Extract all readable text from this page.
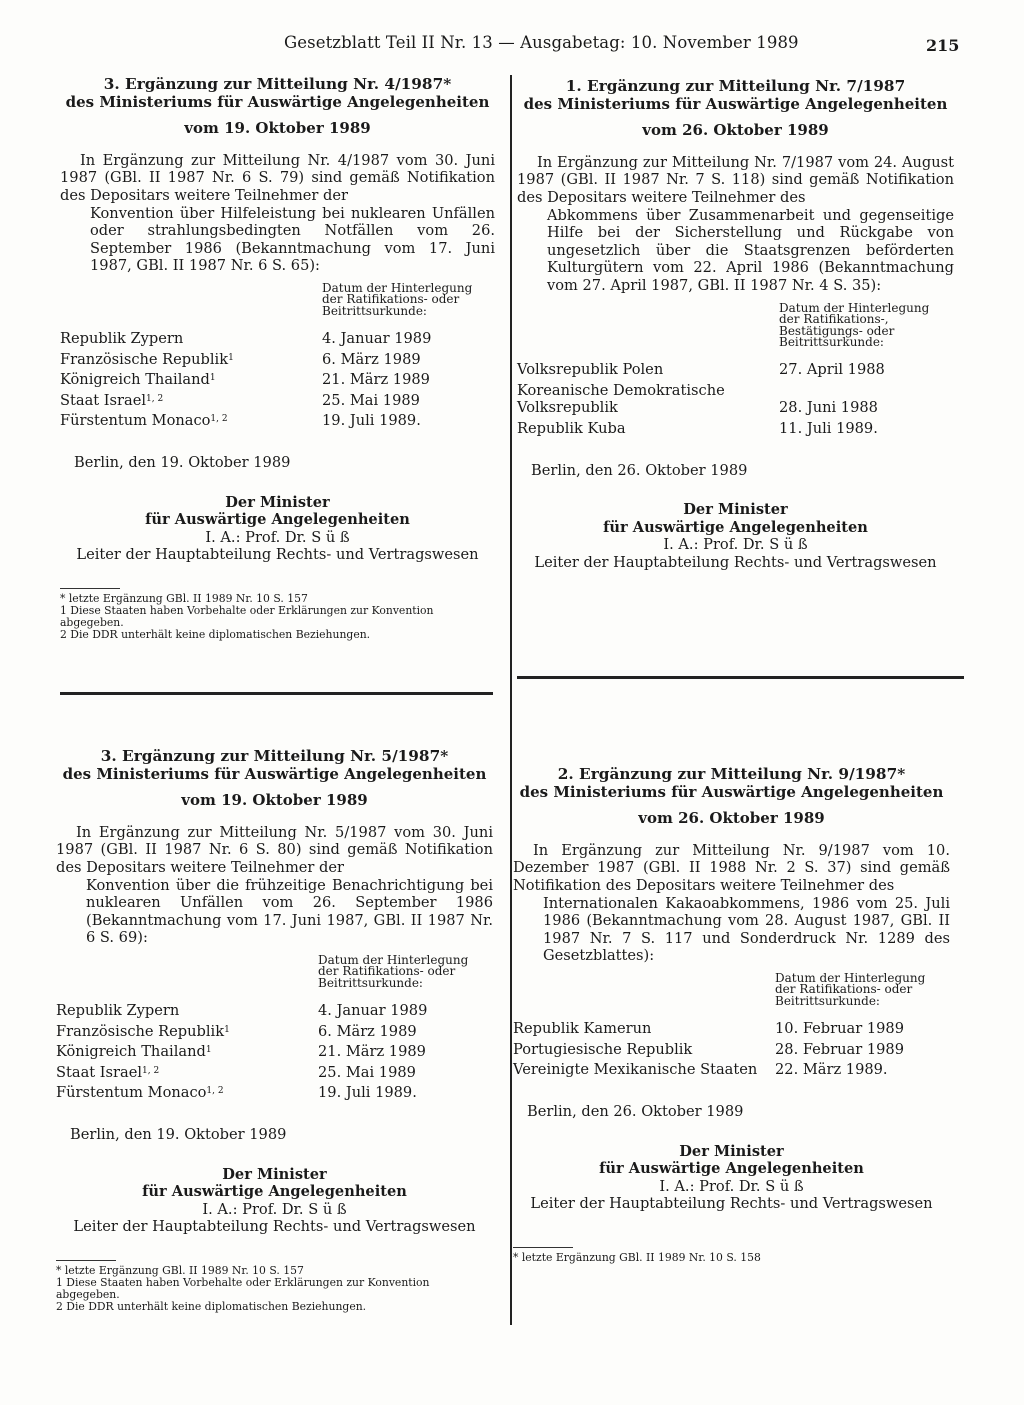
Gesetzblatt Teil II Nr. 13 — Ausgabetag: 10. November 1989	215
3. Ergänzung zur Mitteilung Nr. 4/1987*
des Ministeriums für Auswärtige Angelegenheiten
vom 19. Oktober 1989
In Ergänzung zur Mitteilung Nr. 4/1987 vom 30. Juni 1987 (GBl. II 1987 Nr. 6 S. 79) sind gemäß Notifikation des Depositars weitere Teilnehmer der
Konvention über Hilfeleistung bei nuklearen Unfällen oder strahlungsbedingten Notfällen vom 26. September 1986 (Bekanntmachung vom 17. Juni 1987, GBl. II 1987 Nr. 6 S. 65):
Datum der Hinterlegung
der Ratifikations- oder
Beitrittsurkunde:
Republik Zypern	4. Januar 1989
Französische Republik$^1$	6. März 1989
Königreich Thailand$^1$	21. März 1989
Staat Israel$^{1, 2}$	25. Mai 1989
Fürstentum Monaco$^{1, 2}$	19. Juli 1989.
Berlin, den 19. Oktober 1989
Der Minister
für Auswärtige Angelegenheiten
I. A.: Prof. Dr. S ü ß
Leiter der Hauptabteilung Rechts- und Vertragswesen
* letzte Ergänzung GBl. II 1989 Nr. 10 S. 157
1 Diese Staaten haben Vorbehalte oder Erklärungen zur Konvention abgegeben.
2 Die DDR unterhält keine diplomatischen Beziehungen.
1. Ergänzung zur Mitteilung Nr. 7/1987
des Ministeriums für Auswärtige Angelegenheiten
vom 26. Oktober 1989
In Ergänzung zur Mitteilung Nr. 7/1987 vom 24. August 1987 (GBl. II 1987 Nr. 7 S. 118) sind gemäß Notifikation des Depositars weitere Teilnehmer des
Abkommens über Zusammenarbeit und gegenseitige Hilfe bei der Sicherstellung und Rückgabe von ungesetzlich über die Staatsgrenzen beförderten Kulturgütern vom 22. April 1986 (Bekanntmachung vom 27. April 1987, GBl. II 1987 Nr. 4 S. 35):
Datum der Hinterlegung
der Ratifikations-,
Bestätigungs- oder
Beitrittsurkunde:
Volksrepublik Polen	27. April 1988
Koreanische Demokratische Volksrepublik	28. Juni 1988
Republik Kuba	11. Juli 1989.
Berlin, den 26. Oktober 1989
Der Minister
für Auswärtige Angelegenheiten
I. A.: Prof. Dr. S ü ß
Leiter der Hauptabteilung Rechts- und Vertragswesen
3. Ergänzung zur Mitteilung Nr. 5/1987*
des Ministeriums für Auswärtige Angelegenheiten
vom 19. Oktober 1989
In Ergänzung zur Mitteilung Nr. 5/1987 vom 30. Juni 1987 (GBl. II 1987 Nr. 6 S. 80) sind gemäß Notifikation des Depositars weitere Teilnehmer der
Konvention über die frühzeitige Benachrichtigung bei nuklearen Unfällen vom 26. September 1986 (Bekanntmachung vom 17. Juni 1987, GBl. II 1987 Nr. 6 S. 69):
Datum der Hinterlegung
der Ratifikations- oder
Beitrittsurkunde:
Republik Zypern	4. Januar 1989
Französische Republik$^1$	6. März 1989
Königreich Thailand$^1$	21. März 1989
Staat Israel$^{1, 2}$	25. Mai 1989
Fürstentum Monaco$^{1, 2}$	19. Juli 1989.
Berlin, den 19. Oktober 1989
Der Minister
für Auswärtige Angelegenheiten
I. A.: Prof. Dr. S ü ß
Leiter der Hauptabteilung Rechts- und Vertragswesen
* letzte Ergänzung GBl. II 1989 Nr. 10 S. 157
1 Diese Staaten haben Vorbehalte oder Erklärungen zur Konvention abgegeben.
2 Die DDR unterhält keine diplomatischen Beziehungen.
2. Ergänzung zur Mitteilung Nr. 9/1987*
des Ministeriums für Auswärtige Angelegenheiten
vom 26. Oktober 1989
In Ergänzung zur Mitteilung Nr. 9/1987 vom 10. Dezember 1987 (GBl. II 1988 Nr. 2 S. 37) sind gemäß Notifikation des Depositars weitere Teilnehmer des
Internationalen Kakaoabkommens, 1986 vom 25. Juli 1986 (Bekanntmachung vom 28. August 1987, GBl. II 1987 Nr. 7 S. 117 und Sonderdruck Nr. 1289 des Gesetzblattes):
Datum der Hinterlegung
der Ratifikations- oder
Beitrittsurkunde:
Republik Kamerun	10. Februar 1989
Portugiesische Republik	28. Februar 1989
Vereinigte Mexikanische Staaten	22. März 1989.
Berlin, den 26. Oktober 1989
Der Minister
für Auswärtige Angelegenheiten
I. A.: Prof. Dr. S ü ß
Leiter der Hauptabteilung Rechts- und Vertragswesen
* letzte Ergänzung GBl. II 1989 Nr. 10 S. 158
